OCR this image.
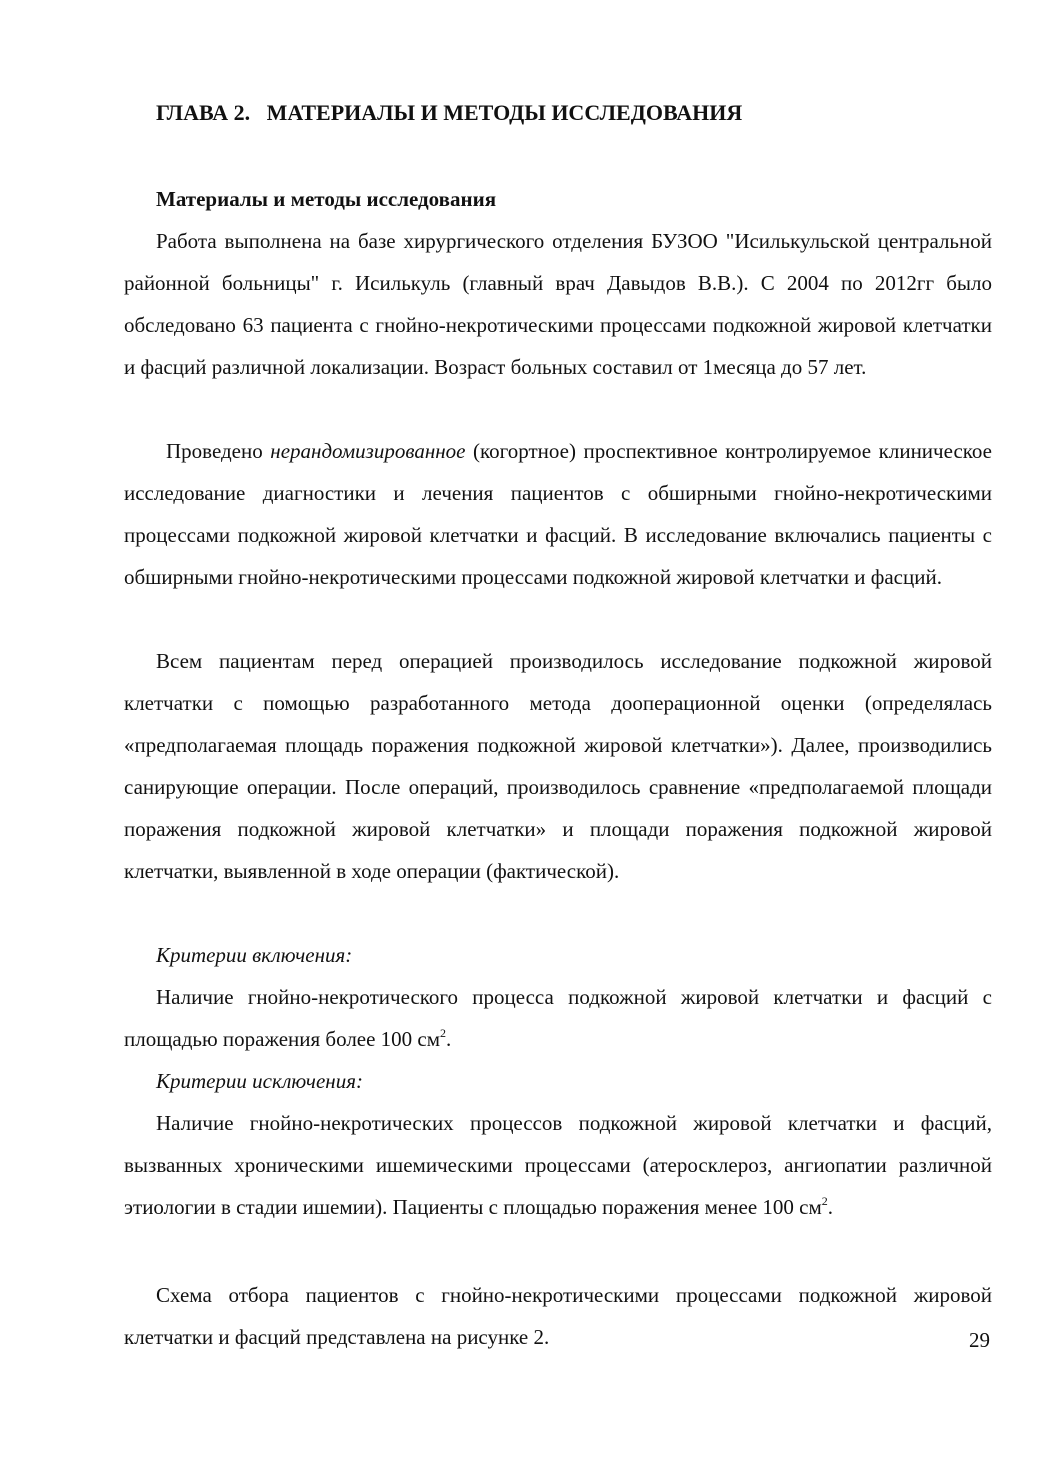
ГЛАВА 2.   МАТЕРИАЛЫ И МЕТОДЫ ИССЛЕДОВАНИЯ
Материалы и методы исследования

Работа выполнена на базе хирургического отделения БУЗОО "Исилькульской центральной районной больницы" г. Исилькуль (главный врач Давыдов В.В.). С 2004 по 2012гг было обследовано 63 пациента с гнойно-некротическими процессами подкожной жировой клетчатки и фасций различной локализации. Возраст больных составил от 1месяца до 57 лет.

Проведено нерандомизированное (когортное) проспективное контролируемое клиническое исследование диагностики и лечения пациентов с обширными гнойно-некротическими процессами подкожной жировой клетчатки и фасций. В исследование включались пациенты с обширными гнойно-некротическими процессами подкожной жировой клетчатки и фасций.

Всем пациентам перед операцией производилось исследование подкожной жировой клетчатки с помощью разработанного метода дооперационной оценки (определялась «предполагаемая площадь поражения подкожной жировой клетчатки»). Далее, производились санирующие операции. После операций, производилось сравнение «предполагаемой площади поражения подкожной жировой клетчатки» и площади поражения подкожной жировой клетчатки, выявленной в ходе операции (фактической).

Критерии включения:

Наличие гнойно-некротического процесса подкожной жировой клетчатки и фасций с площадью поражения более 100 $см^2$.

Критерии исключения:

Наличие гнойно-некротических процессов подкожной жировой клетчатки и фасций, вызванных хроническими ишемическими процессами (атеросклероз, ангиопатии различной этиологии в стадии ишемии). Пациенты с площадью поражения менее 100 $см^2$.

Схема отбора пациентов с гнойно-некротическими процессами подкожной жировой клетчатки и фасций представлена на рисунке 2.	29
